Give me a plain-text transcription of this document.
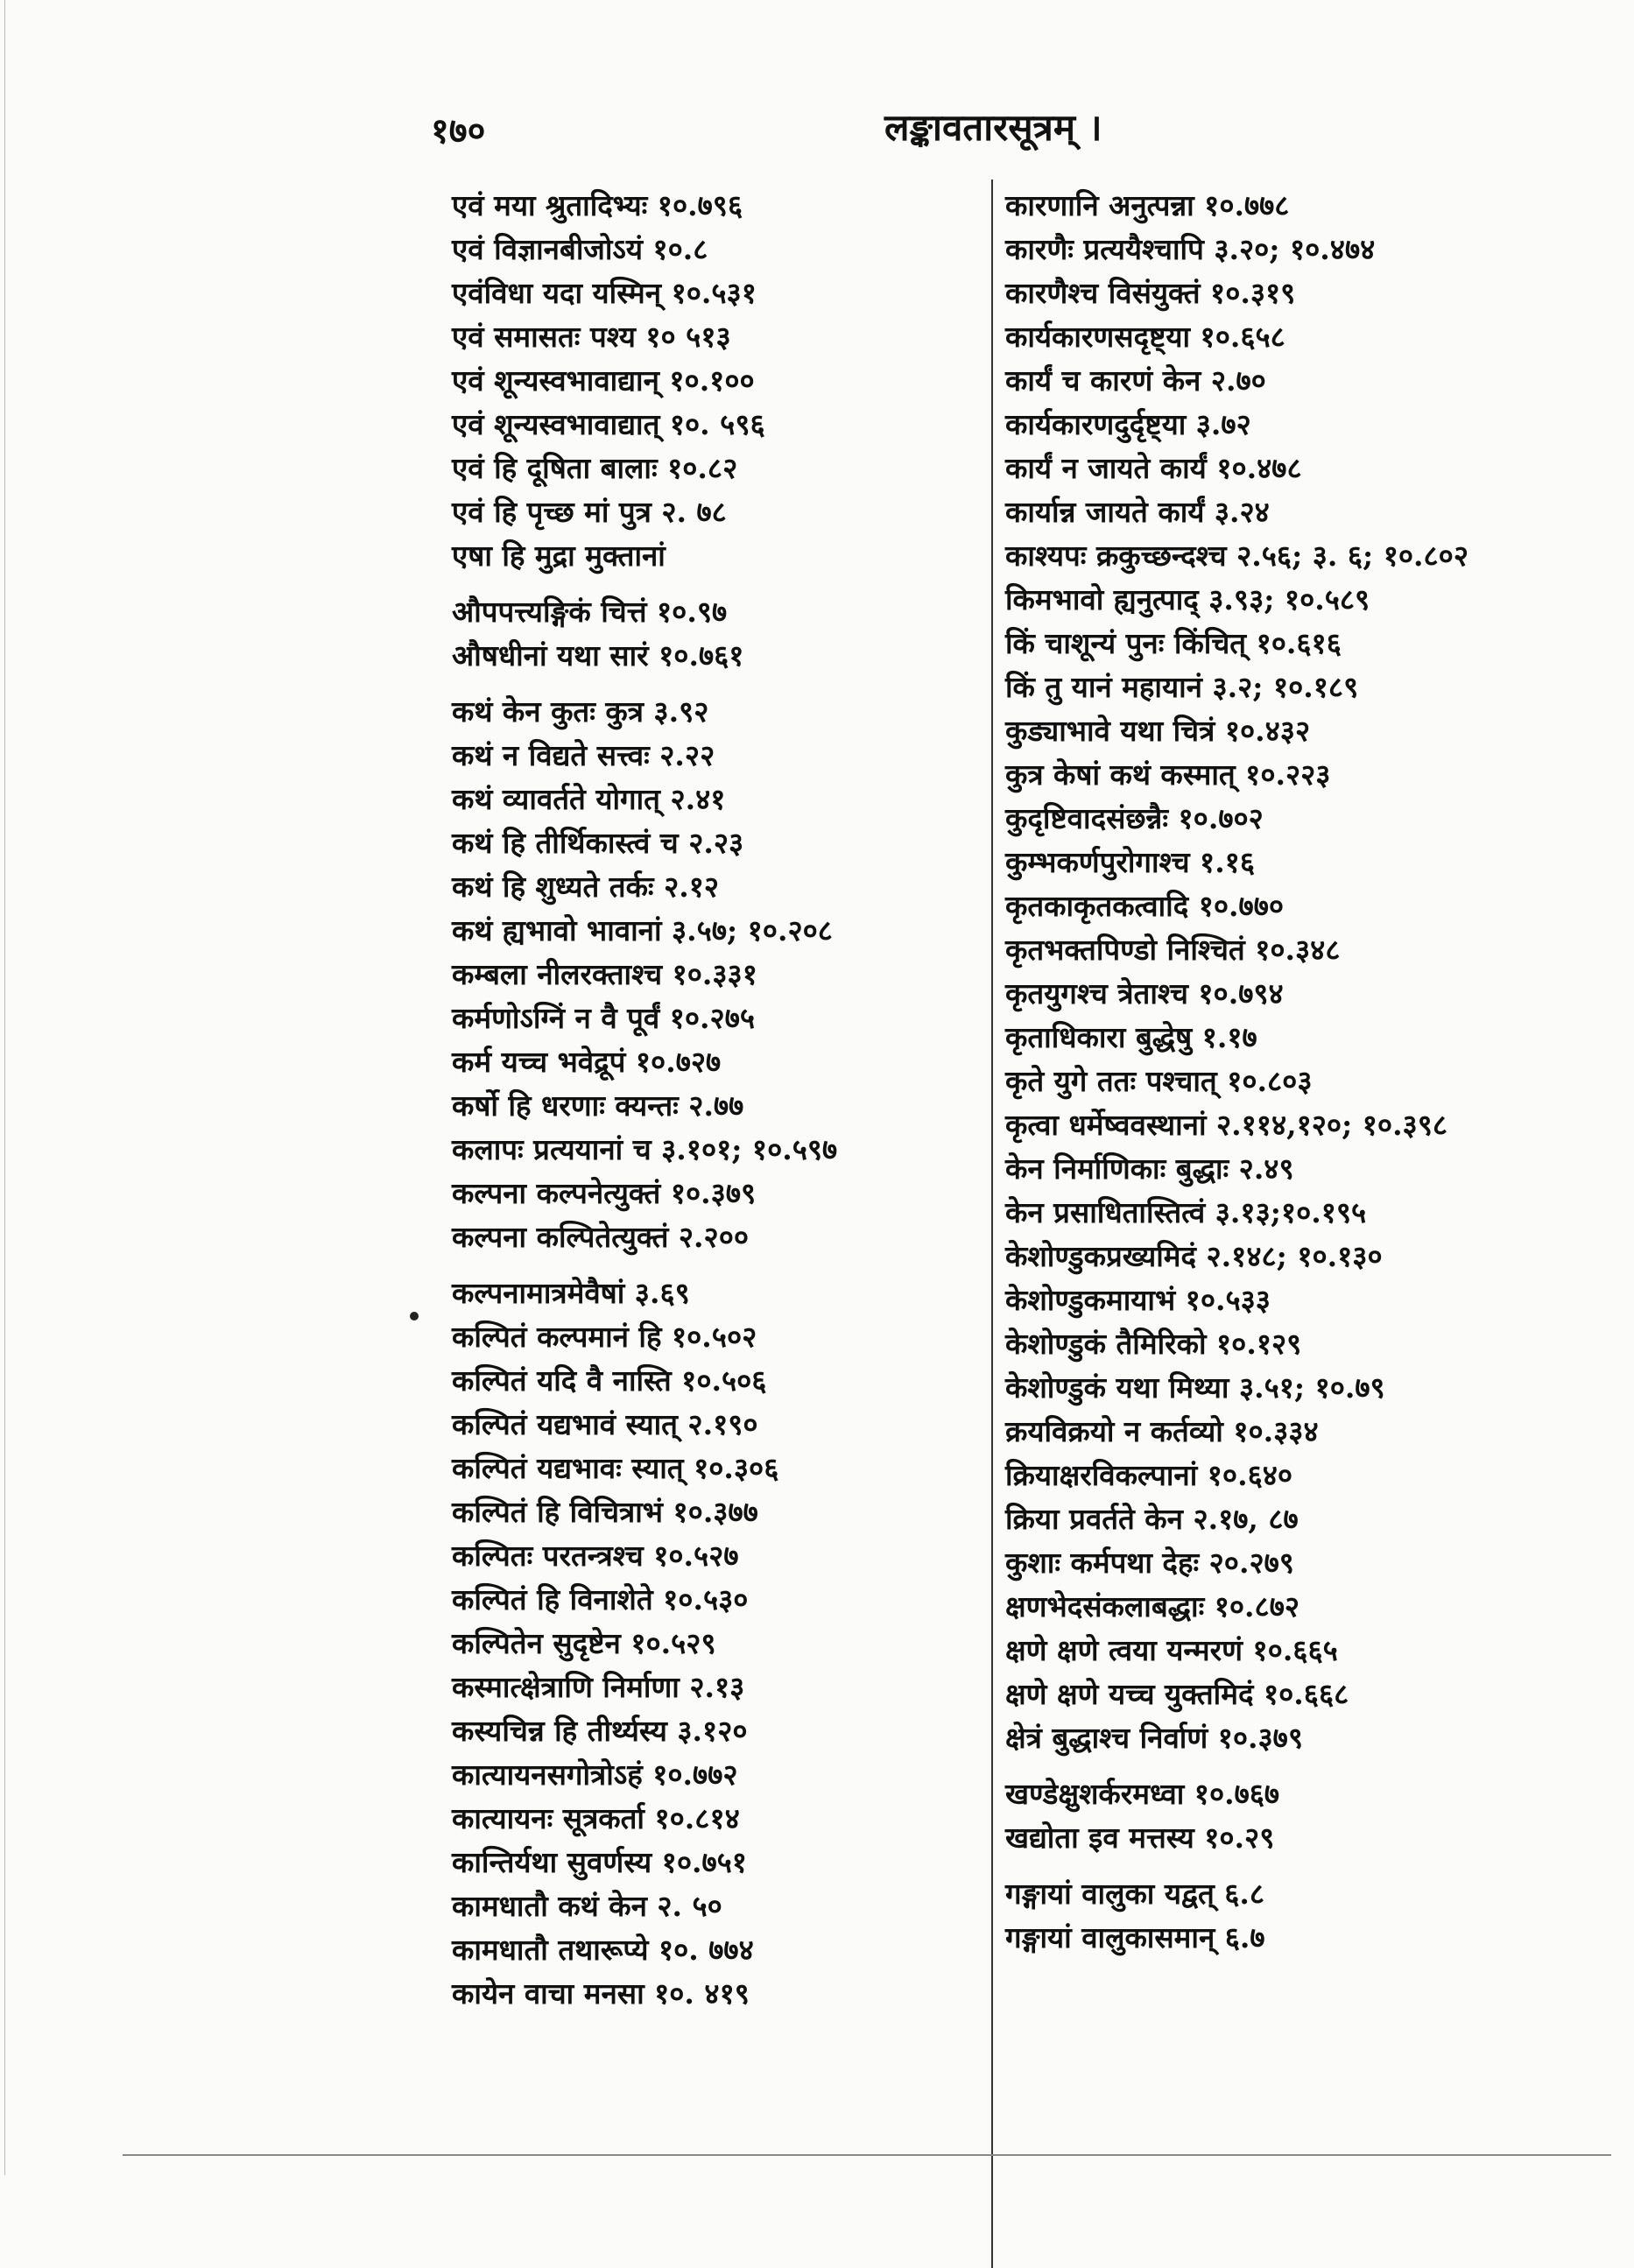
१७०	लङ्कावतारसूत्रम् ।
एवं मया श्रुतादिभ्यः १०.७९६
एवं विज्ञानबीजोऽयं १०.८
एवंविधा यदा यस्मिन् १०.५३१
एवं समासतः पश्य १० ५१३
एवं शून्यस्वभावाद्यान् १०.१००
एवं शून्यस्वभावाद्यात् १०. ५९६
एवं हि दूषिता बालाः १०.८२
एवं हि पृच्छ मां पुत्र २. ७८
एषा हि मुद्रा मुक्तानां
औपपत्त्यङ्गिकं चित्तं १०.९७
औषधीनां यथा सारं १०.७६१
कथं केन कुतः कुत्र ३.९२
कथं न विद्यते सत्त्वः २.२२
कथं व्यावर्तते योगात् २.४१
कथं हि तीर्थिकास्त्वं च २.२३
कथं हि शुध्यते तर्कः २.१२
कथं ह्यभावो भावानां ३.५७; १०.२०८
कम्बला नीलरक्ताश्च १०.३३१
कर्मणोऽग्निं न वै पूर्वं १०.२७५
कर्म यच्च भवेद्रूपं १०.७२७
कर्षो हि धरणाः क्यन्तः २.७७
कलापः प्रत्ययानां च ३.१०१; १०.५९७
कल्पना कल्पनेत्युक्तं १०.३७९
कल्पना कल्पितेत्युक्तं २.२००
कल्पनामात्रमेवैषां ३.६९
कल्पितं कल्पमानं हि १०.५०२
कल्पितं यदि वै नास्ति १०.५०६
कल्पितं यद्यभावं स्यात् २.१९०
कल्पितं यद्यभावः स्यात् १०.३०६
कल्पितं हि विचित्राभं १०.३७७
कल्पितः परतन्त्रश्च १०.५२७
कल्पितं हि विनाशेते १०.५३०
कल्पितेन सुदृष्टेन १०.५२९
कस्मात्क्षेत्राणि निर्माणा २.१३
कस्यचिन्न हि तीर्थ्यस्य ३.१२०
कात्यायनसगोत्रोऽहं १०.७७२
कात्यायनः सूत्रकर्ता १०.८१४
कान्तिर्यथा सुवर्णस्य १०.७५१
कामधातौ कथं केन २. ५०
कामधातौ तथारूप्ये १०. ७७४
कायेन वाचा मनसा १०. ४१९
कारणानि अनुत्पन्ना १०.७७८
कारणैः प्रत्ययैश्चापि ३.२०; १०.४७४
कारणैश्च विसंयुक्तं १०.३१९
कार्यकारणसदृष्ट्या १०.६५८
कार्यं च कारणं केन २.७०
कार्यकारणदुर्दृष्ट्या ३.७२
कार्यं न जायते कार्यं १०.४७८
कार्यान्न जायते कार्यं ३.२४
काश्यपः क्रकुच्छन्दश्च २.५६; ३. ६; १०.८०२
किमभावो ह्यनुत्पाद् ३.९३; १०.५८९
किं चाशून्यं पुनः किंचित् १०.६१६
किं तु यानं महायानं ३.२; १०.१८९
कुड्याभावे यथा चित्रं १०.४३२
कुत्र केषां कथं कस्मात् १०.२२३
कुदृष्टिवादसंछन्नैः १०.७०२
कुम्भकर्णपुरोगाश्च १.१६
कृतकाकृतकत्वादि १०.७७०
कृतभक्तपिण्डो निश्चितं १०.३४८
कृतयुगश्च त्रेताश्च १०.७९४
कृताधिकारा बुद्धेषु १.१७
कृते युगे ततः पश्चात् १०.८०३
कृत्वा धर्मेष्ववस्थानां २.११४,१२०; १०.३९८
केन निर्माणिकाः बुद्धाः २.४९
केन प्रसाधितास्तित्वं ३.१३;१०.१९५
केशोण्डुकप्रख्यमिदं २.१४८; १०.१३०
केशोण्डुकमायाभं १०.५३३
केशोण्डुकं तैमिरिको १०.१२९
केशोण्डुकं यथा मिथ्या ३.५१; १०.७९
क्रयविक्रयो न कर्तव्यो १०.३३४
क्रियाक्षरविकल्पानां १०.६४०
क्रिया प्रवर्तते केन २.१७, ८७
कुशाः कर्मपथा देहः २०.२७९
क्षणभेदसंकलाबद्धाः १०.८७२
क्षणे क्षणे त्वया यन्मरणं १०.६६५
क्षणे क्षणे यच्च युक्तमिदं १०.६६८
क्षेत्रं बुद्धाश्च निर्वाणं १०.३७९
खण्डेक्षुशर्करमध्वा १०.७६७
खद्योता इव मत्तस्य १०.२९
गङ्गायां वालुका यद्वत् ६.८
गङ्गायां वालुकासमान् ६.७
